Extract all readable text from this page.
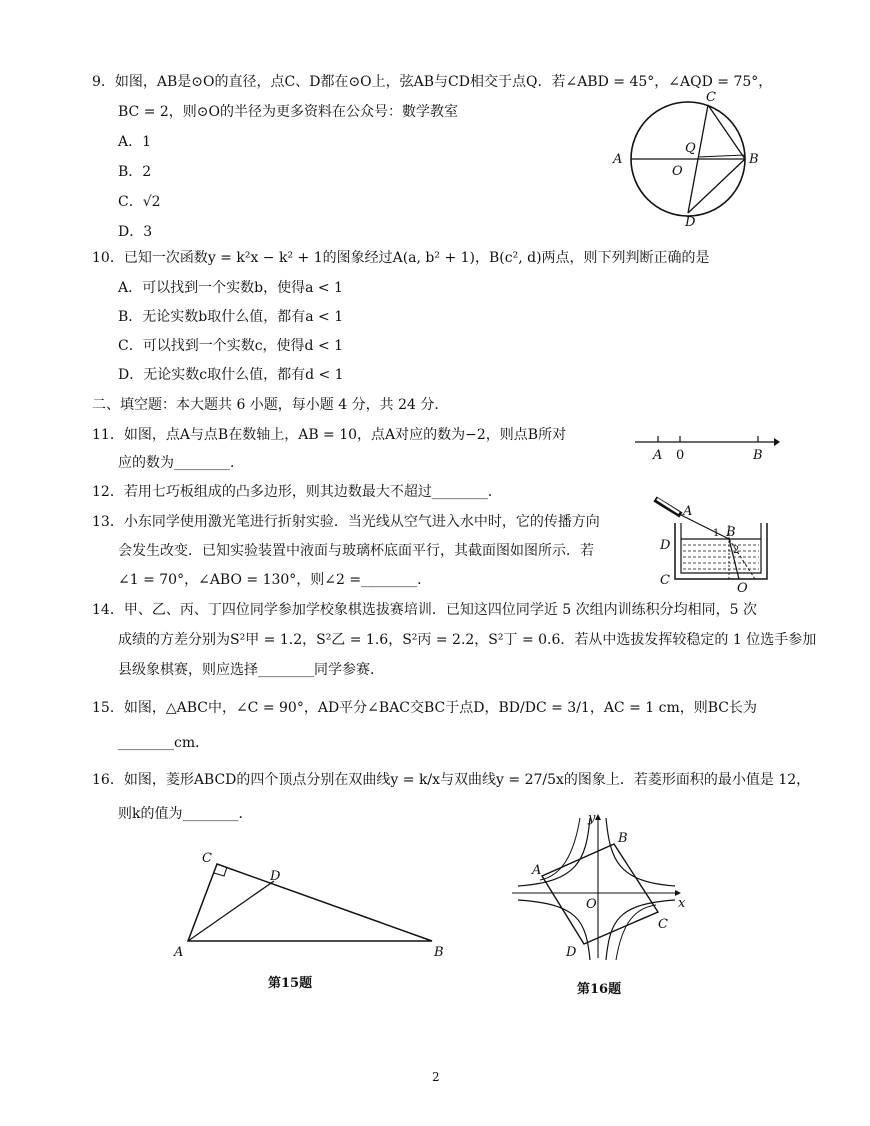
9．如图，AB是⊙O的直径，点C、D都在⊙O上，弦AB与CD相交于点Q．若∠ABD = 45°，∠AQD = 75°，
BC = 2，则⊙O的半径为更多资料在公众号：數学教室
A．1
B．2
C．√2
D．3
A	B
C
D
O
Q
10．已知一次函数y = k²x − k² + 1的图象经过A(a, b² + 1)，B(c², d)两点，则下列判断正确的是
A．可以找到一个实数b，使得a < 1
B．无论实数b取什么值，都有a < 1
C．可以找到一个实数c，使得d < 1
D．无论实数c取什么值，都有d < 1
二、填空题：本大题共 6 小题，每小题 4 分，共 24 分．
11．如图，点A与点B在数轴上，AB = 10，点A对应的数为−2，则点B所对
应的数为________．	A 0	B
12．若用七巧板组成的凸多边形，则其边数最大不超过________．
13．小东同学使用激光笔进行折射实验．当光线从空气进入水中时，它的传播方向
会发生改变．已知实验装置中液面与玻璃杯底面平行，其截面图如图所示．若
∠1 = 70°，∠ABO = 130°，则∠2 =________．
A
B
D
C
O
1
2
14．甲、乙、丙、丁四位同学参加学校象棋选拔赛培训．已知这四位同学近 5 次组内训练积分均相同，5 次
成绩的方差分别为S²甲 = 1.2，S²乙 = 1.6，S²丙 = 2.2，S²丁 = 0.6．若从中选拔发挥较稳定的 1 位选手参加
县级象棋赛，则应选择________同学参赛．
15．如图，△ABC中，∠C = 90°，AD平分∠BAC交BC于点D，BD/DC = 3/1，AC = 1 cm，则BC长为
________cm．
16．如图，菱形ABCD的四个顶点分别在双曲线y = k/x与双曲线y = 27/5x的图象上．若菱形面积的最小值是 12，
则k的值为________．
C
D
A	B
第15题
A
B
C
D
O	x
y
第16题
2
